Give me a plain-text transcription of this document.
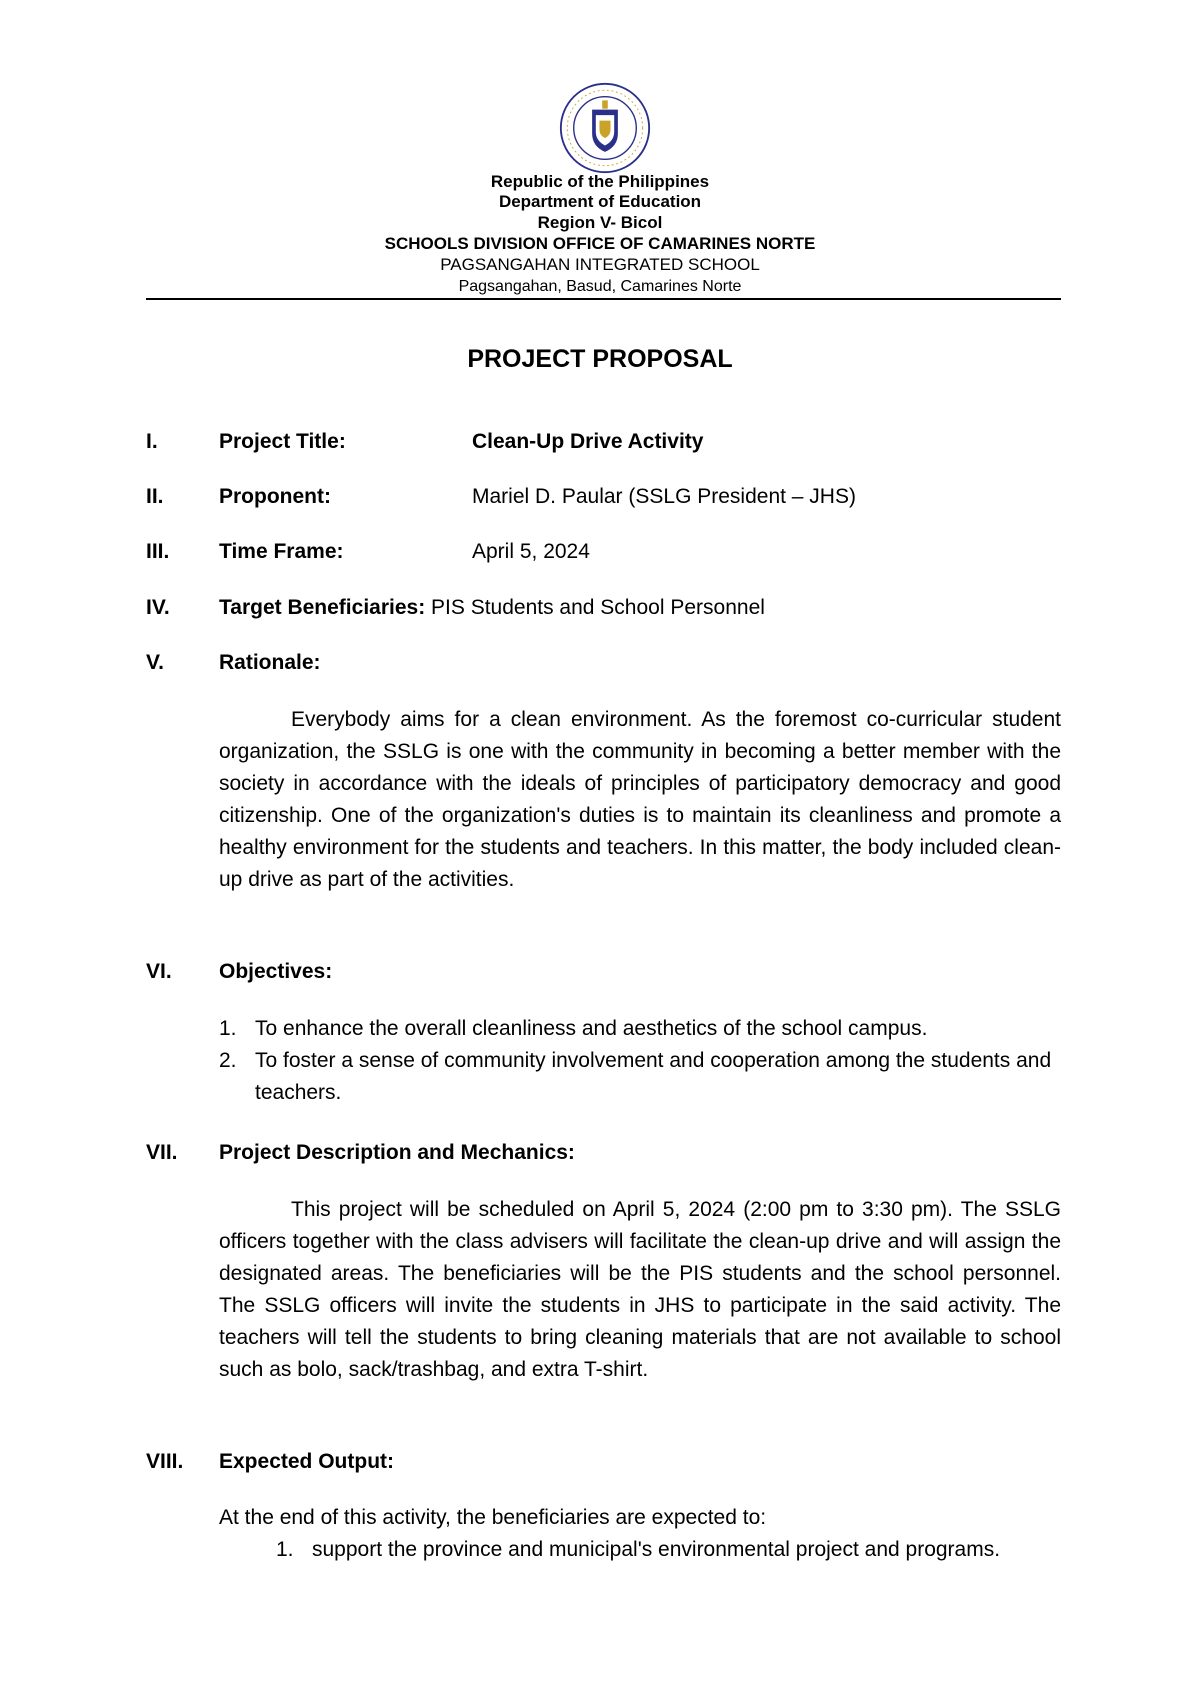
Republic of the Philippines
Department of Education
Region V- Bicol
SCHOOLS DIVISION OFFICE OF CAMARINES NORTE
PAGSANGAHAN INTEGRATED SCHOOL
Pagsangahan, Basud, Camarines Norte
PROJECT PROPOSAL
I.	Project Title:	Clean-Up Drive Activity
II.	Proponent:	Mariel D. Paular (SSLG President – JHS)
III. Time Frame:	April 5, 2024
IV. Target Beneficiaries: PIS Students and School Personnel
V.	Rationale:

Everybody aims for a clean environment. As the foremost co-curricular student organization, the SSLG is one with the community in becoming a better member with the society in accordance with the ideals of principles of participatory democracy and good citizenship. One of the organization's duties is to maintain its cleanliness and promote a healthy environment for the students and teachers. In this matter, the body included clean-up drive as part of the activities.

VI. Objectives:
1. To enhance the overall cleanliness and aesthetics of the school campus.
2. To foster a sense of community involvement and cooperation among the students and teachers.
VII. Project Description and Mechanics:

This project will be scheduled on April 5, 2024 (2:00 pm to 3:30 pm). The SSLG officers together with the class advisers will facilitate the clean-up drive and will assign the designated areas. The beneficiaries will be the PIS students and the school personnel. The SSLG officers will invite the students in JHS to participate in the said activity. The teachers will tell the students to bring cleaning materials that are not available to school such as bolo, sack/trashbag, and extra T-shirt.

VIII. Expected Output:
At the end of this activity, the beneficiaries are expected to:
1. support the province and municipal's environmental project and programs.
